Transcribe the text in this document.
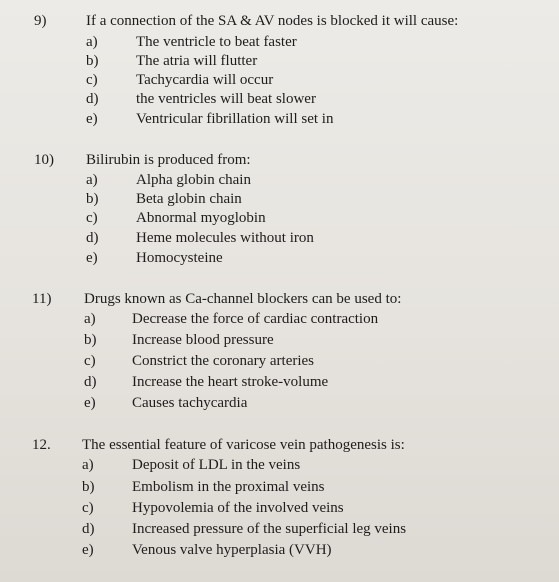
9)	If a connection of the SA & AV nodes is blocked it will cause:
a)	The ventricle to beat faster
b)	The atria will flutter
c)	Tachycardia will occur
d)	the ventricles will beat slower
e)	Ventricular fibrillation will set in
10) Bilirubin is produced from:
a)	Alpha globin chain
b)	Beta globin chain
c)	Abnormal myoglobin
d)	Heme molecules without iron
e)	Homocysteine
11) Drugs known as Ca-channel blockers can be used to:
a) Decrease the force of cardiac contraction
b) Increase blood pressure
c) Constrict the coronary arteries
d) Increase the heart stroke-volume
e) Causes tachycardia
12. The essential feature of varicose vein pathogenesis is:
a)	Deposit of LDL in the veins
b)	Embolism in the proximal veins
c)	Hypovolemia of the involved veins
d)	Increased pressure of the superficial leg veins
e)	Venous valve hyperplasia (VVH)
